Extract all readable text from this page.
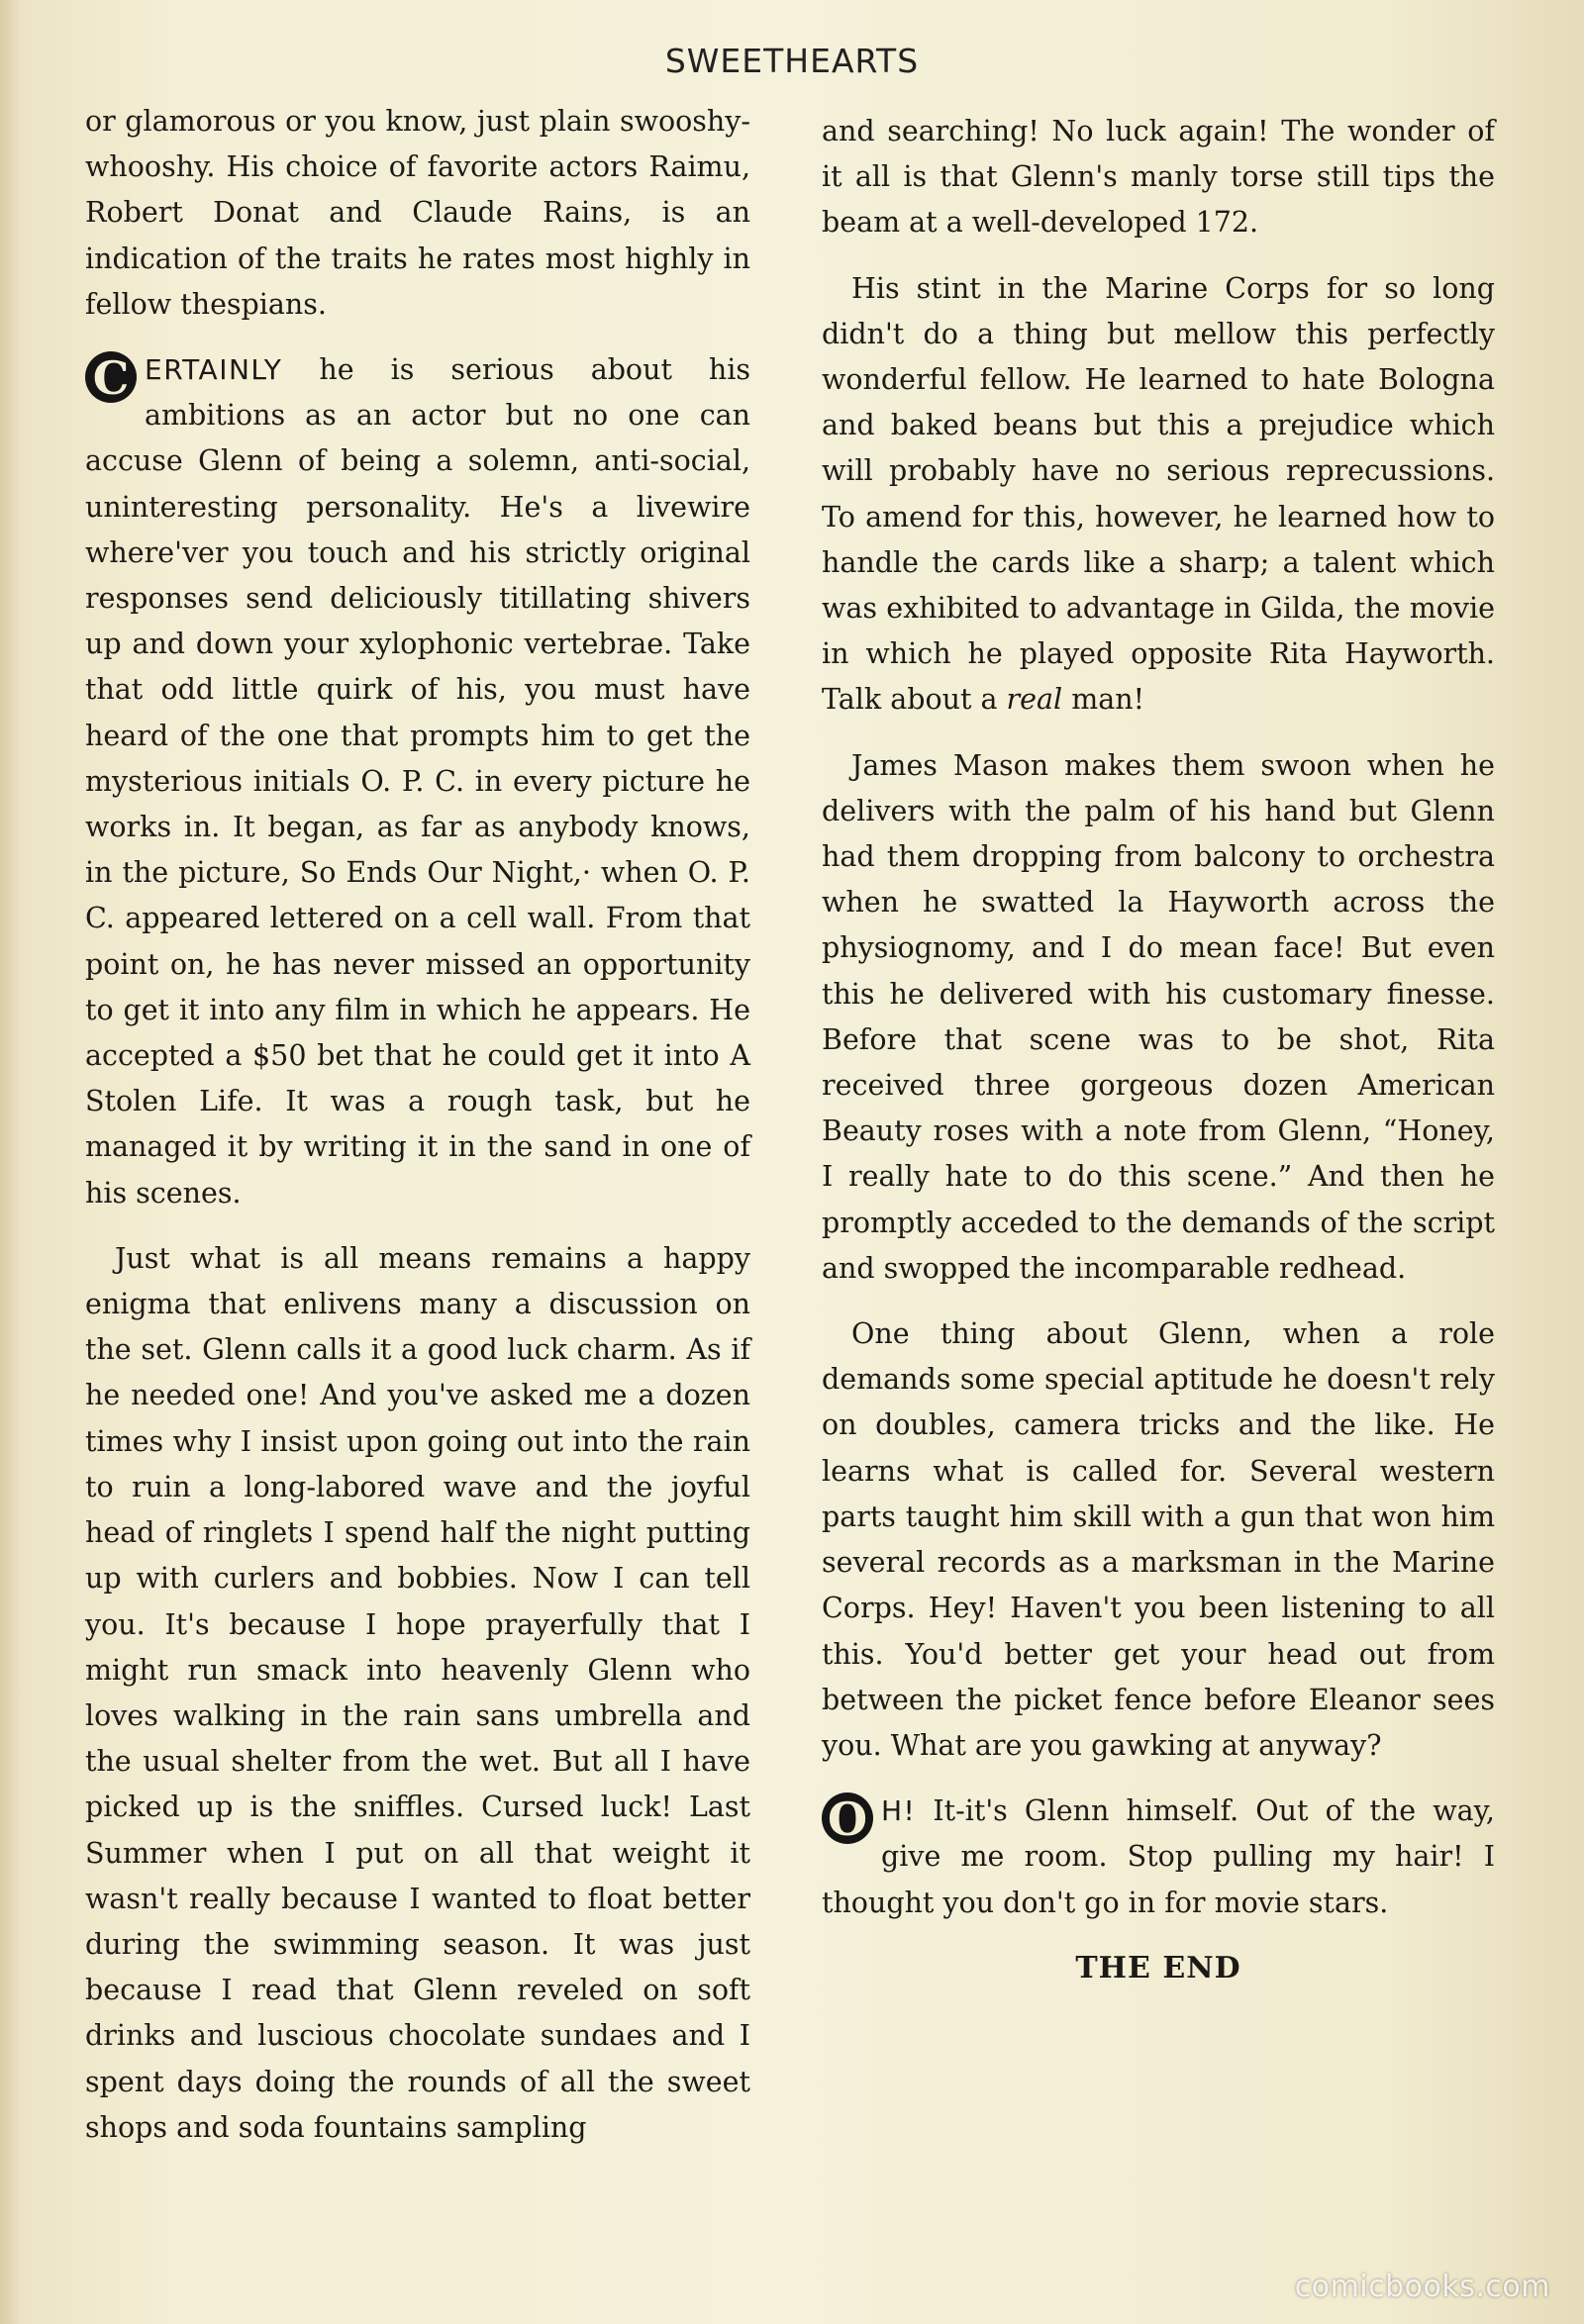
SWEETHEARTS

or glamorous or you know, just plain swooshy-whooshy. His choice of favorite actors Raimu, Robert Donat and Claude Rains, is an indication of the traits he rates most highly in fellow thespians.

C ERTAINLY he is serious about his ambitions as an actor but no one can accuse Glenn of being a solemn, anti-social, uninteresting personality. He's a livewire where'ver you touch and his strictly original responses send deliciously titillating shivers up and down your xylophonic vertebrae. Take that odd little quirk of his, you must have heard of the one that prompts him to get the mysterious initials O. P. C. in every picture he works in. It began, as far as anybody knows, in the picture, So Ends Our Night,· when O. P. C. appeared lettered on a cell wall. From that point on, he has never missed an opportunity to get it into any film in which he appears. He accepted a $50 bet that he could get it into A Stolen Life. It was a rough task, but he managed it by writing it in the sand in one of his scenes.

Just what is all means remains a happy enigma that enlivens many a discussion on the set. Glenn calls it a good luck charm. As if he needed one! And you've asked me a dozen times why I insist upon going out into the rain to ruin a long-labored wave and the joyful head of ringlets I spend half the night putting up with curlers and bobbies. Now I can tell you. It's because I hope prayerfully that I might run smack into heavenly Glenn who loves walking in the rain sans umbrella and the usual shelter from the wet. But all I have picked up is the sniffles. Cursed luck! Last Summer when I put on all that weight it wasn't really because I wanted to float better during the swimming season. It was just because I read that Glenn reveled on soft drinks and luscious chocolate sundaes and I spent days doing the rounds of all the sweet shops and soda fountains sampling

and searching! No luck again! The wonder of it all is that Glenn's manly torse still tips the beam at a well-developed 172.

His stint in the Marine Corps for so long didn't do a thing but mellow this perfectly wonderful fellow. He learned to hate Bologna and baked beans but this a prejudice which will probably have no serious reprecussions. To amend for this, however, he learned how to handle the cards like a sharp; a talent which was exhibited to advantage in Gilda, the movie in which he played opposite Rita Hayworth. Talk about a real man!

James Mason makes them swoon when he delivers with the palm of his hand but Glenn had them dropping from balcony to orchestra when he swatted la Hayworth across the physiognomy, and I do mean face! But even this he delivered with his customary finesse. Before that scene was to be shot, Rita received three gorgeous dozen American Beauty roses with a note from Glenn, “Honey, I really hate to do this scene.” And then he promptly acceded to the demands of the script and swopped the incomparable redhead.

One thing about Glenn, when a role demands some special aptitude he doesn't rely on doubles, camera tricks and the like. He learns what is called for. Several western parts taught him skill with a gun that won him several records as a marksman in the Marine Corps. Hey! Haven't you been listening to all this. You'd better get your head out from between the picket fence before Eleanor sees you. What are you gawking at anyway?

O H! It-it's Glenn himself. Out of the way, give me room. Stop pulling my hair! I thought you don't go in for movie stars.

THE END
comicbooks.com
